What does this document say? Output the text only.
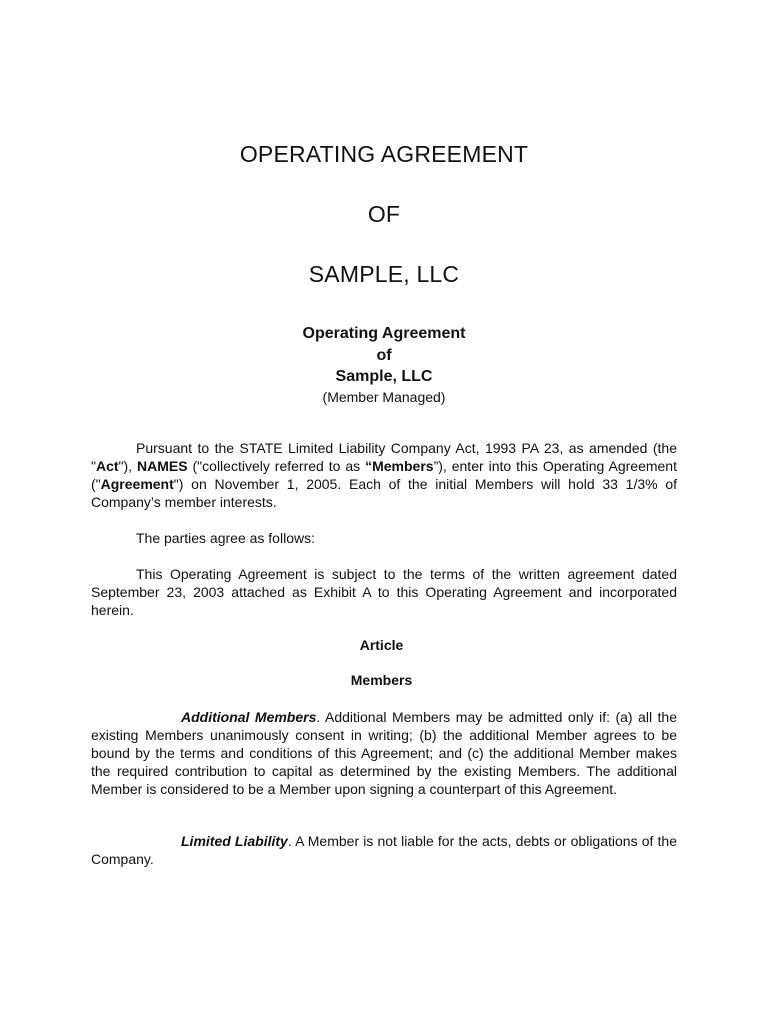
OPERATING AGREEMENT
OF
SAMPLE, LLC
Operating Agreement
of
Sample, LLC
(Member Managed)
Pursuant to the STATE Limited Liability Company Act, 1993 PA 23, as amended (the "Act"), NAMES ("collectively referred to as “Members”), enter into this Operating Agreement ("Agreement") on November 1, 2005. Each of the initial Members will hold 33 1/3% of Company’s member interests.
The parties agree as follows:
This Operating Agreement is subject to the terms of the written agreement dated September 23, 2003 attached as Exhibit A to this Operating Agreement and incorporated herein.
Article
Members
Additional Members. Additional Members may be admitted only if: (a) all the existing Members unanimously consent in writing; (b) the additional Member agrees to be bound by the terms and conditions of this Agreement; and (c) the additional Member makes the required contribution to capital as determined by the existing Members. The additional Member is considered to be a Member upon signing a counterpart of this Agreement.
Limited Liability. A Member is not liable for the acts, debts or obligations of the Company.
